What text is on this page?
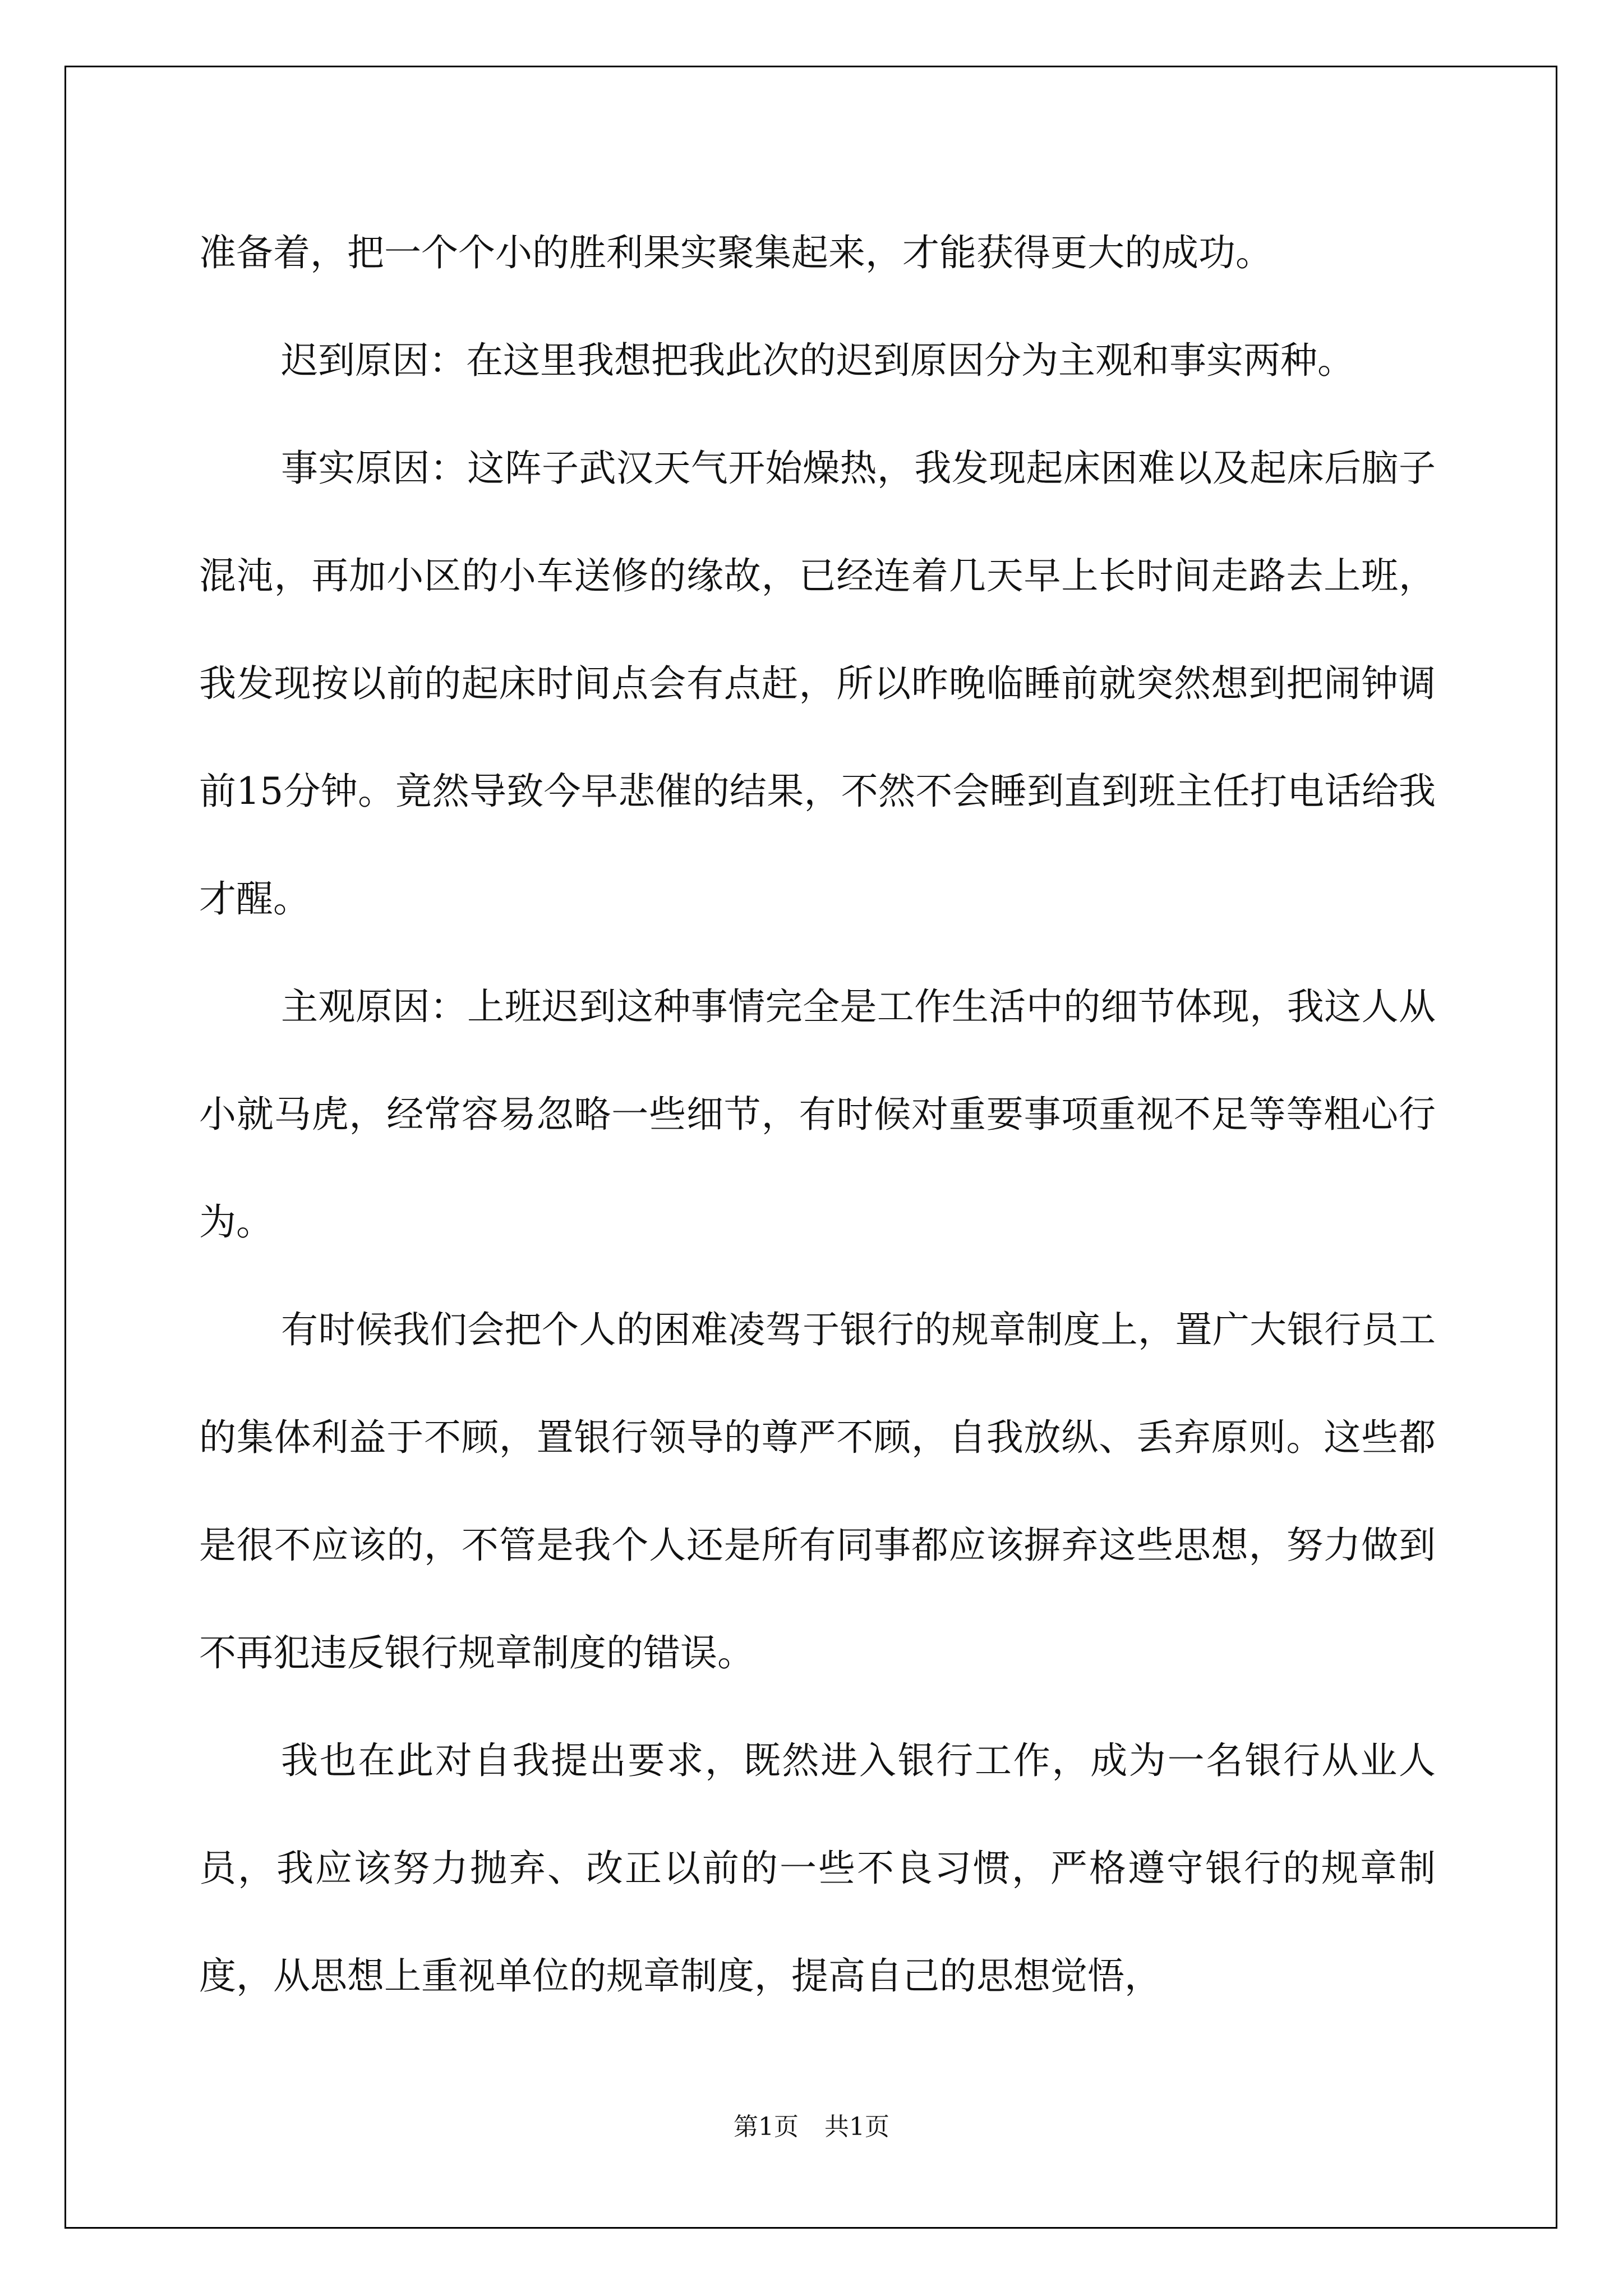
准备着，把一个个小的胜利果实聚集起来，才能获得更大的成功。

迟到原因：在这里我想把我此次的迟到原因分为主观和事实两种。

事实原因：这阵子武汉天气开始燥热，我发现起床困难以及起床后脑子混沌，再加小区的小车送修的缘故，已经连着几天早上长时间走路去上班，我发现按以前的起床时间点会有点赶，所以昨晚临睡前就突然想到把闹钟调前15分钟。竟然导致今早悲催的结果，不然不会睡到直到班主任打电话给我才醒。

主观原因：上班迟到这种事情完全是工作生活中的细节体现，我这人从小就马虎，经常容易忽略一些细节，有时候对重要事项重视不足等等粗心行为。

有时候我们会把个人的困难凌驾于银行的规章制度上，置广大银行员工的集体利益于不顾，置银行领导的尊严不顾，自我放纵、丢弃原则。这些都是很不应该的，不管是我个人还是所有同事都应该摒弃这些思想，努力做到不再犯违反银行规章制度的错误。

我也在此对自我提出要求，既然进入银行工作，成为一名银行从业人员，我应该努力抛弃、改正以前的一些不良习惯，严格遵守银行的规章制度，从思想上重视单位的规章制度，提高自己的思想觉悟，

第1页 共1页
